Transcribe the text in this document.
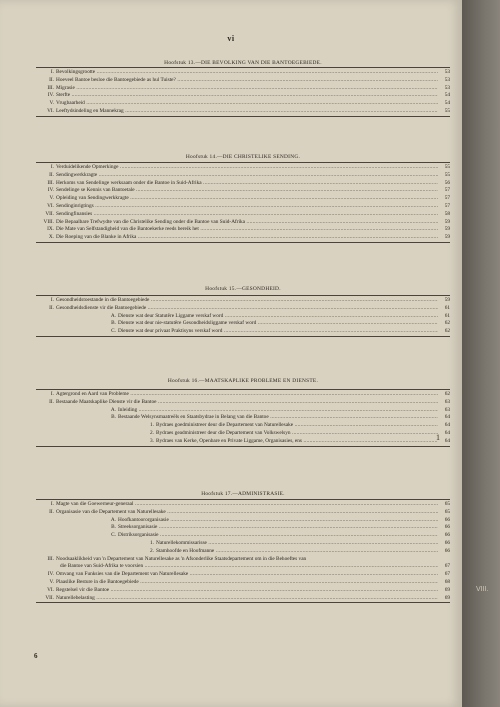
vi
Hoofstuk 13.—DIE BEVOLKING VAN DIE BANTOEGEBIEDE.
I. Bevolkingsgroottе .....	53
II. Hoeveel Bantoe besloe die Bantoegebiede as hul Tuiste? .....	53
III. Migrasie .....	53
IV. Sterfte .....	54
V. Vrugbaarheid .....	54
VI. Leeftydsindeling en Mannekrag .....	55
Hoofstuk 14.—DIE CHRISTELIKE SENDING.
I. Verduidelikende Opmerkinge .....	55
II. Sendingwerkkragte .....	55
III. Herkoms van Sendelinge werksaam onder die Bantoe in Suid-Afrika .....	56
IV. Sendelinge se Kennis van Bantoetale .....	57
V. Opleiding van Sendingwerkkragte .....	57
VI. Sendinginrigtings .....	57
VII. Sendingfinansies .....	58
VIII. Die Bepaalbare Trefwydte van die Christelike Sending onder die Bantoe van Suid-Afrika .....	59
IX. Die Mate van Selfstandigheid van die Bantoekerke reeds bereik het .....	59
X. Die Roeping van die Blanke in Afrika .....	59
Hoofstuk 15.—GESONDHEID.
I. Gesondheidstoestande in die Bantoegebiede .....	59
II. Gesondheidsdienste vir die Bantoegebiede .....	61
A. Dienste wat deur Statutêre Liggame verskaf word .....	61
B. Dienste wat deur nie-statutêre Gesondheidsliggame verskaf word .....	62
C. Dienste wat deur privaat Praktisyns verskaf word .....	62
Hoofstuk 16.—MAATSKAPLIKE PROBLEME EN DIENSTE.
I. Agtergrond en Aard van Probleme .....	62
II. Bestaande Maatskaplike Dienste vir die Bantoe .....	63
A. Inleiding .....	63
B. Bestaande Welsynsmaatreëls en Staatsbydrae in Belang van die Bantoe .....	64
1. Bydraes goedministreer deur die Departement van Naturellesake .....	64
2. Bydraes geadministreer deur die Departement van Volkswelsyn .....	64
3. Bydraes van Kerke, Openbare en Private Liggame, Organisasies, ens .....	64
Hoofstuk 17.—ADMINISTRASIE.
I. Magte van die Goewerneur-generaal .....	65
II. Organisasie van die Departement van Naturellesake .....	65
A. Hoofkantoororganisasie .....	66
B. Streeksorganisasie .....	66
C. Distriksorganisasie .....	66
1. Naturellekommissarisse .....	66
2. Stamhoofde en Hoofmanne .....	66
III. Noodsaaklikheid van 'n Departement van Naturellesake as 'n Afsonderlike Staatsdepartement om in die Behoeftes van
die Bantoe van Suid-Afrika te voorsien .....	67
IV. Omvang van Funksies van die Departement van Naturellesake .....	67
V. Plaaslike Besture in die Bantoegebiede .....	68
VI. Regstelsel vir die Bantoe .....	69
VII. Naturellebelasting .....	69
1
6
VIII.
